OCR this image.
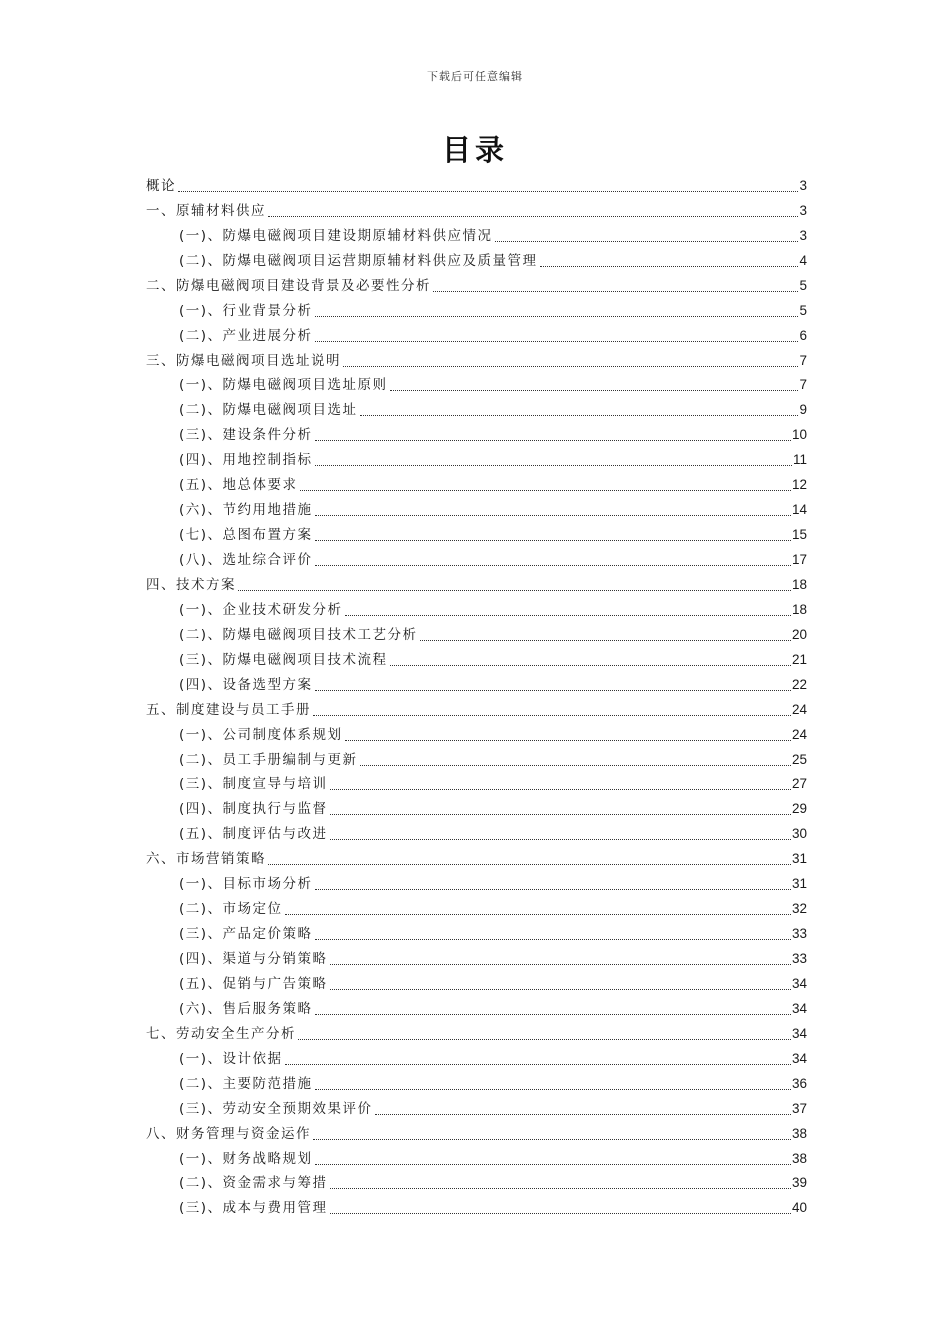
下载后可任意编辑
目录
概论	3
一、原辅材料供应	3
(一)、防爆电磁阀项目建设期原辅材料供应情况	3
(二)、防爆电磁阀项目运营期原辅材料供应及质量管理	4
二、防爆电磁阀项目建设背景及必要性分析	5
(一)、行业背景分析	5
(二)、产业进展分析	6
三、防爆电磁阀项目选址说明	7
(一)、防爆电磁阀项目选址原则	7
(二)、防爆电磁阀项目选址	9
(三)、建设条件分析	10
(四)、用地控制指标	11
(五)、地总体要求	12
(六)、节约用地措施	14
(七)、总图布置方案	15
(八)、选址综合评价	17
四、技术方案	18
(一)、企业技术研发分析	18
(二)、防爆电磁阀项目技术工艺分析	20
(三)、防爆电磁阀项目技术流程	21
(四)、设备选型方案	22
五、制度建设与员工手册	24
(一)、公司制度体系规划	24
(二)、员工手册编制与更新	25
(三)、制度宣导与培训	27
(四)、制度执行与监督	29
(五)、制度评估与改进	30
六、市场营销策略	31
(一)、目标市场分析	31
(二)、市场定位	32
(三)、产品定价策略	33
(四)、渠道与分销策略	33
(五)、促销与广告策略	34
(六)、售后服务策略	34
七、劳动安全生产分析	34
(一)、设计依据	34
(二)、主要防范措施	36
(三)、劳动安全预期效果评价	37
八、财务管理与资金运作	38
(一)、财务战略规划	38
(二)、资金需求与筹措	39
(三)、成本与费用管理	40
